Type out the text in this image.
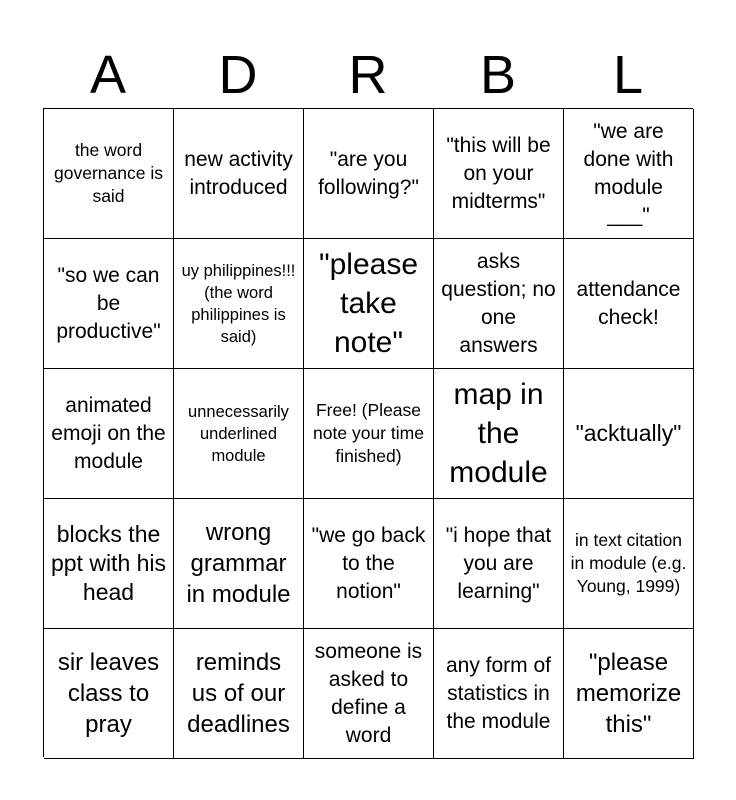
A	D	R	B	L
the word governance is said
new activity introduced
"are you following?"
"this will be on your midterms"
"we are done with module ___"
"so we can be productive"
uy philippines!!! (the word philippines is said)
"please take note"
asks question; no one answers
attendance check!
animated emoji on the module
unnecessarily underlined module
Free! (Please note your time finished)
map in the module
"acktually"
blocks the ppt with his head
wrong grammar in module
"we go back to the notion"
"i hope that you are learning"
in text citation in module (e.g. Young, 1999)
sir leaves class to pray
reminds us of our deadlines
someone is asked to define a word
any form of statistics in the module
"please memorize this"
